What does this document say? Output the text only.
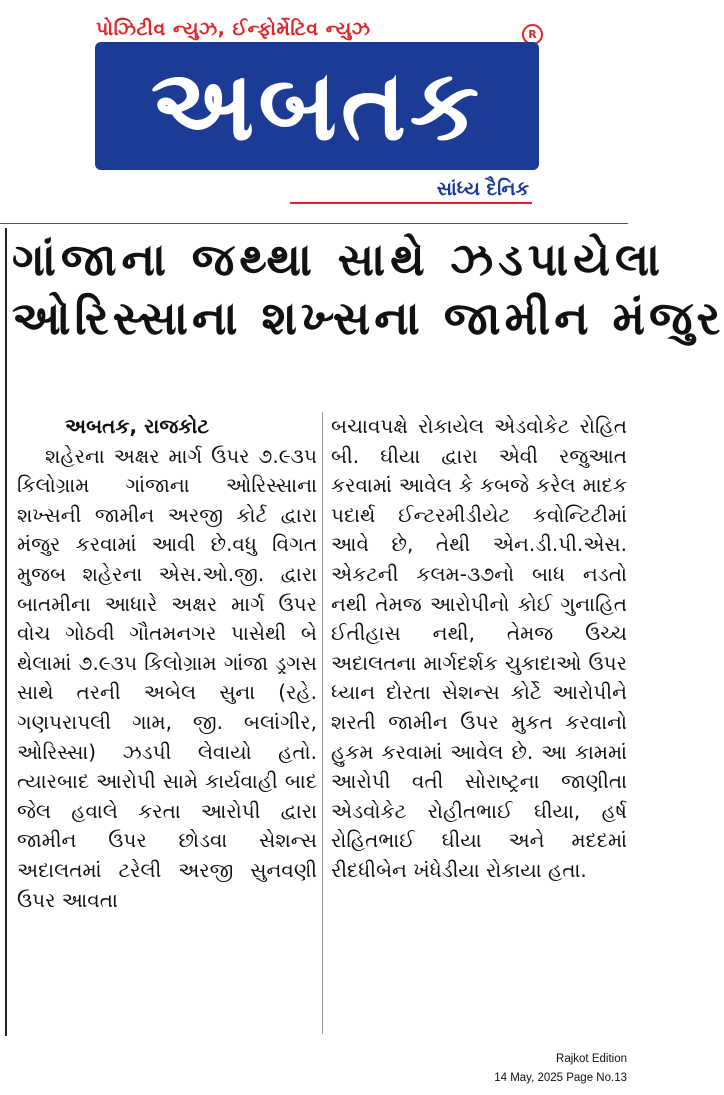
પોઝિટીવ ન્યુઝ, ઈન્ફોર્મેટિવ ન્યુઝ	R
અબતક
સાંધ્ય દૈનિક
ગાંજાના જથ્થા સાથે ઝડપાયેલા
ઓરિસ્સાના શખ્સના જામીન મંજુર
અબતક, રાજકોટ
શહેરના અક્ષર માર્ગ ઉપર ૭.૯૩૫ કિલોગ્રામ ગાંજાના ઓરિસ્સાના શખ્સની જામીન અરજી કોર્ટ દ્વારા મંજુર કરવામાં આવી છે.વધુ વિગત મુજબ શહેરના એસ.ઓ.જી. દ્વારા બાતમીના આધારે અક્ષર માર્ગ ઉપર વોચ ગોઠવી ગૌતમનગર પાસેથી બે થેલામાં ૭.૯૩૫ કિલોગ્રામ ગાંજા ડ્રગસ સાથે તરની અબેલ સુના (રહે. ગણપરાપલી ગામ, જી. બલાંગીર, ઓરિસ્સા) ઝડપી લેવાયો હતો. ત્યારબાદ આરોપી સામે કાર્યવાહી બાદ જેલ હવાલે કરતા આરોપી દ્વારા જામીન ઉપર છોડવા સેશન્સ અદાલતમાં ટરેલી અરજી સુનવણી ઉપર આવતા
બચાવપક્ષે રોકાયેલ એડવોકેટ રોહિત બી. ઘીયા દ્વારા એવી રજુઆત કરવામાં આવેલ કે કબજે કરેલ માદક પદાર્થ ઈન્ટરમીડીયેટ કવોન્ટિટીમાં આવે છે, તેથી એન.ડી.પી.એસ. એકટની કલમ-૩૭નો બાધ નડતો નથી તેમજ આરોપીનો કોઈ ગુનાહિત ઈતીહાસ નથી, તેમજ ઉચ્ચ અદાલતના માર્ગદર્શક ચુકાદાઓ ઉપર ધ્યાન દોરતા સેશન્સ કોર્ટે આરોપીને શરતી જામીન ઉપર મુકત કરવાનો હુકમ કરવામાં આવેલ છે. આ કામમાં આરોપી વતી સોરાષ્ટ્રના જાણીતા એડવોકેટ રોહીતભાઈ ઘીયા, હર્ષ રોહિતભાઈ ઘીયા અને મદદમાં રીદધીબેન ખંધેડીયા રોકાયા હતા.
Rajkot Edition
14 May, 2025 Page No.13
